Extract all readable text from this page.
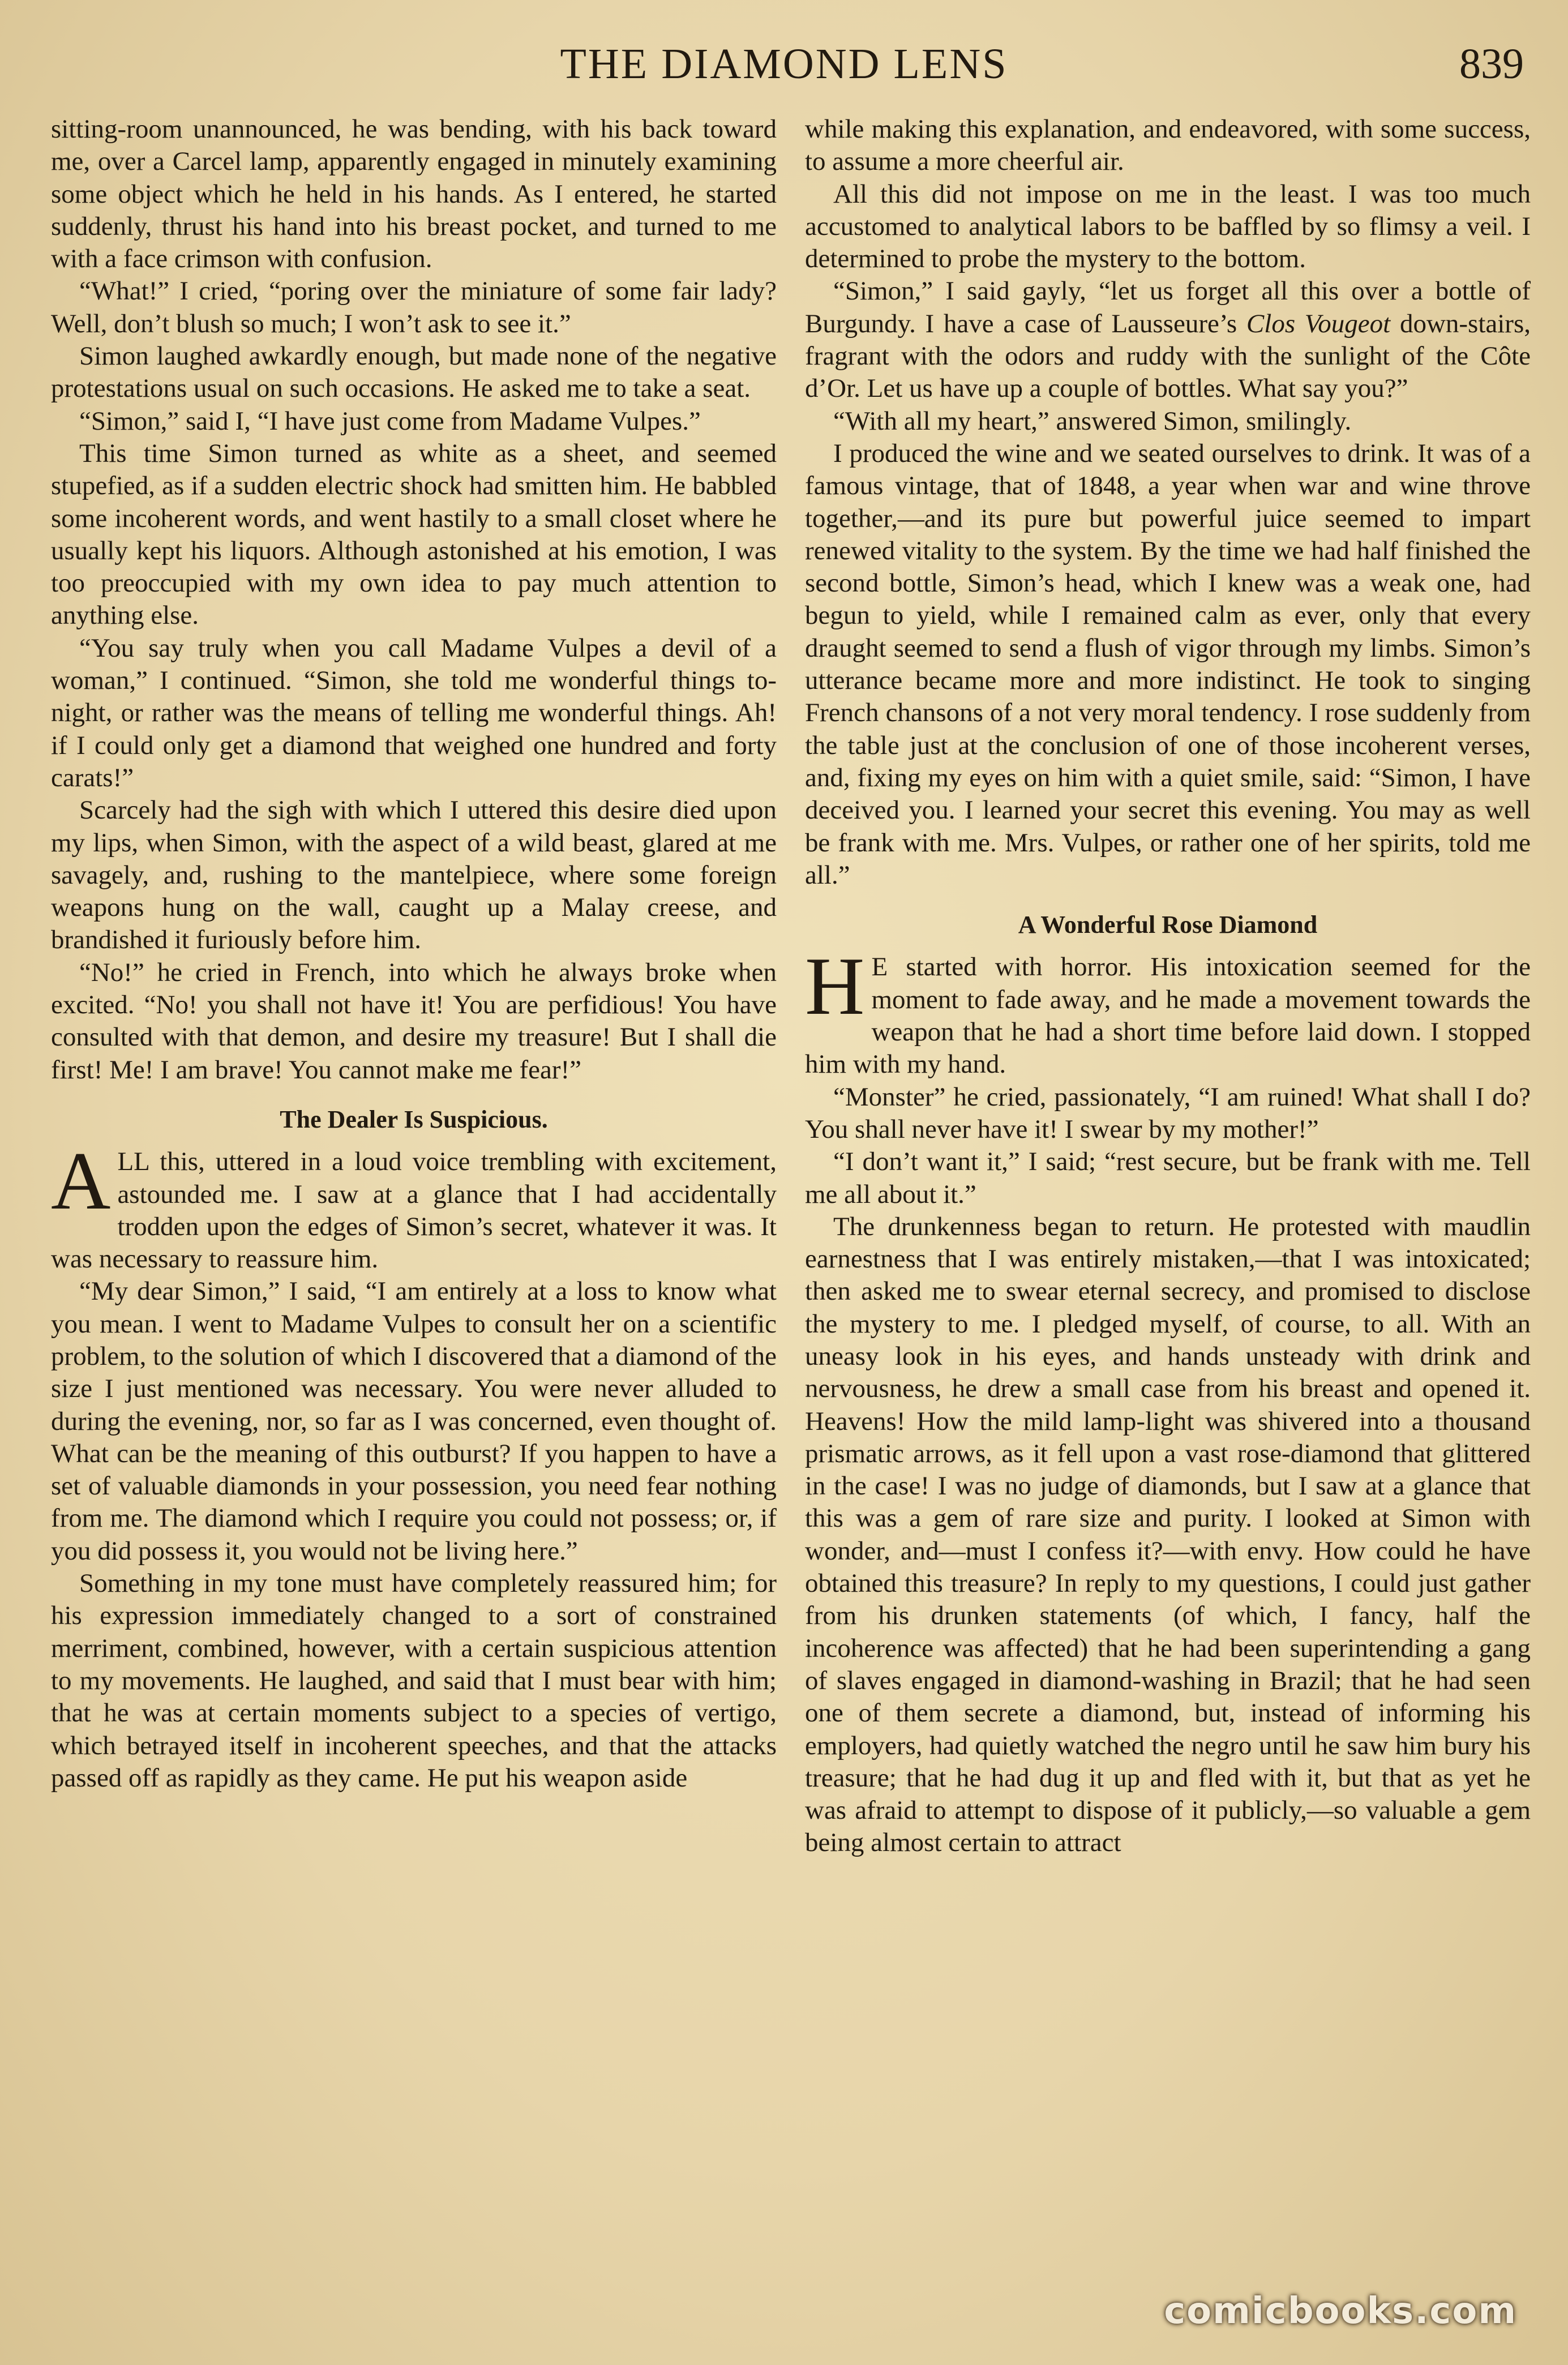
THE DIAMOND LENS	839

sitting-room unannounced, he was bending, with his back toward me, over a Carcel lamp, apparently engaged in minutely examining some object which he held in his hands. As I entered, he started suddenly, thrust his hand into his breast pocket, and turned to me with a face crimson with confusion.

“What!” I cried, “poring over the miniature of some fair lady? Well, don’t blush so much; I won’t ask to see it.”

Simon laughed awkardly enough, but made none of the negative protestations usual on such occasions. He asked me to take a seat.

“Simon,” said I, “I have just come from Madame Vulpes.”

This time Simon turned as white as a sheet, and seemed stupefied, as if a sudden electric shock had smitten him. He babbled some incoherent words, and went hastily to a small closet where he usually kept his liquors. Although astonished at his emotion, I was too preoccupied with my own idea to pay much attention to anything else.

“You say truly when you call Madame Vulpes a devil of a woman,” I continued. “Simon, she told me wonderful things to-night, or rather was the means of telling me wonderful things. Ah! if I could only get a diamond that weighed one hundred and forty carats!”

Scarcely had the sigh with which I uttered this desire died upon my lips, when Simon, with the aspect of a wild beast, glared at me savagely, and, rushing to the mantelpiece, where some foreign weapons hung on the wall, caught up a Malay creese, and brandished it furiously before him.

“No!” he cried in French, into which he always broke when excited. “No! you shall not have it! You are perfidious! You have consulted with that demon, and desire my treasure! But I shall die first! Me! I am brave! You cannot make me fear!”

The Dealer Is Suspicious.

ALL this, uttered in a loud voice trembling with excitement, astounded me. I saw at a glance that I had accidentally trodden upon the edges of Simon’s secret, whatever it was. It was necessary to reassure him.

“My dear Simon,” I said, “I am entirely at a loss to know what you mean. I went to Madame Vulpes to consult her on a scientific problem, to the solution of which I discovered that a diamond of the size I just mentioned was necessary. You were never alluded to during the evening, nor, so far as I was concerned, even thought of. What can be the meaning of this outburst? If you happen to have a set of valuable diamonds in your possession, you need fear nothing from me. The diamond which I require you could not possess; or, if you did possess it, you would not be living here.”

Something in my tone must have completely reassured him; for his expression immediately changed to a sort of constrained merriment, combined, however, with a certain suspicious attention to my movements. He laughed, and said that I must bear with him; that he was at certain moments subject to a species of vertigo, which betrayed itself in incoherent speeches, and that the attacks passed off as rapidly as they came. He put his weapon aside

while making this explanation, and endeavored, with some success, to assume a more cheerful air.

All this did not impose on me in the least. I was too much accustomed to analytical labors to be baffled by so flimsy a veil. I determined to probe the mystery to the bottom.

“Simon,” I said gayly, “let us forget all this over a bottle of Burgundy. I have a case of Lausseure’s Clos Vougeot down-stairs, fragrant with the odors and ruddy with the sunlight of the Côte d’Or. Let us have up a couple of bottles. What say you?”

“With all my heart,” answered Simon, smilingly.

I produced the wine and we seated ourselves to drink. It was of a famous vintage, that of 1848, a year when war and wine throve together,—and its pure but powerful juice seemed to impart renewed vitality to the system. By the time we had half finished the second bottle, Simon’s head, which I knew was a weak one, had begun to yield, while I remained calm as ever, only that every draught seemed to send a flush of vigor through my limbs. Simon’s utterance became more and more indistinct. He took to singing French chansons of a not very moral tendency. I rose suddenly from the table just at the conclusion of one of those incoherent verses, and, fixing my eyes on him with a quiet smile, said: “Simon, I have deceived you. I learned your secret this evening. You may as well be frank with me. Mrs. Vulpes, or rather one of her spirits, told me all.”

A Wonderful Rose Diamond

H E started with horror. His intoxication seemed for the moment to fade away, and he made a movement towards the weapon that he had a short time before laid down. I stopped him with my hand.

“Monster” he cried, passionately, “I am ruined! What shall I do? You shall never have it! I swear by my mother!”

“I don’t want it,” I said; “rest secure, but be frank with me. Tell me all about it.”

The drunkenness began to return. He protested with maudlin earnestness that I was entirely mistaken,—that I was intoxicated; then asked me to swear eternal secrecy, and promised to disclose the mystery to me. I pledged myself, of course, to all. With an uneasy look in his eyes, and hands unsteady with drink and nervousness, he drew a small case from his breast and opened it. Heavens! How the mild lamp-light was shivered into a thousand prismatic arrows, as it fell upon a vast rose-diamond that glittered in the case! I was no judge of diamonds, but I saw at a glance that this was a gem of rare size and purity. I looked at Simon with wonder, and—must I confess it?—with envy. How could he have obtained this treasure? In reply to my questions, I could just gather from his drunken statements (of which, I fancy, half the incoherence was affected) that he had been superintending a gang of slaves engaged in diamond-washing in Brazil; that he had seen one of them secrete a diamond, but, instead of informing his employers, had quietly watched the negro until he saw him bury his treasure; that he had dug it up and fled with it, but that as yet he was afraid to attempt to dispose of it publicly,—so valuable a gem being almost certain to attract

comicbooks.com
